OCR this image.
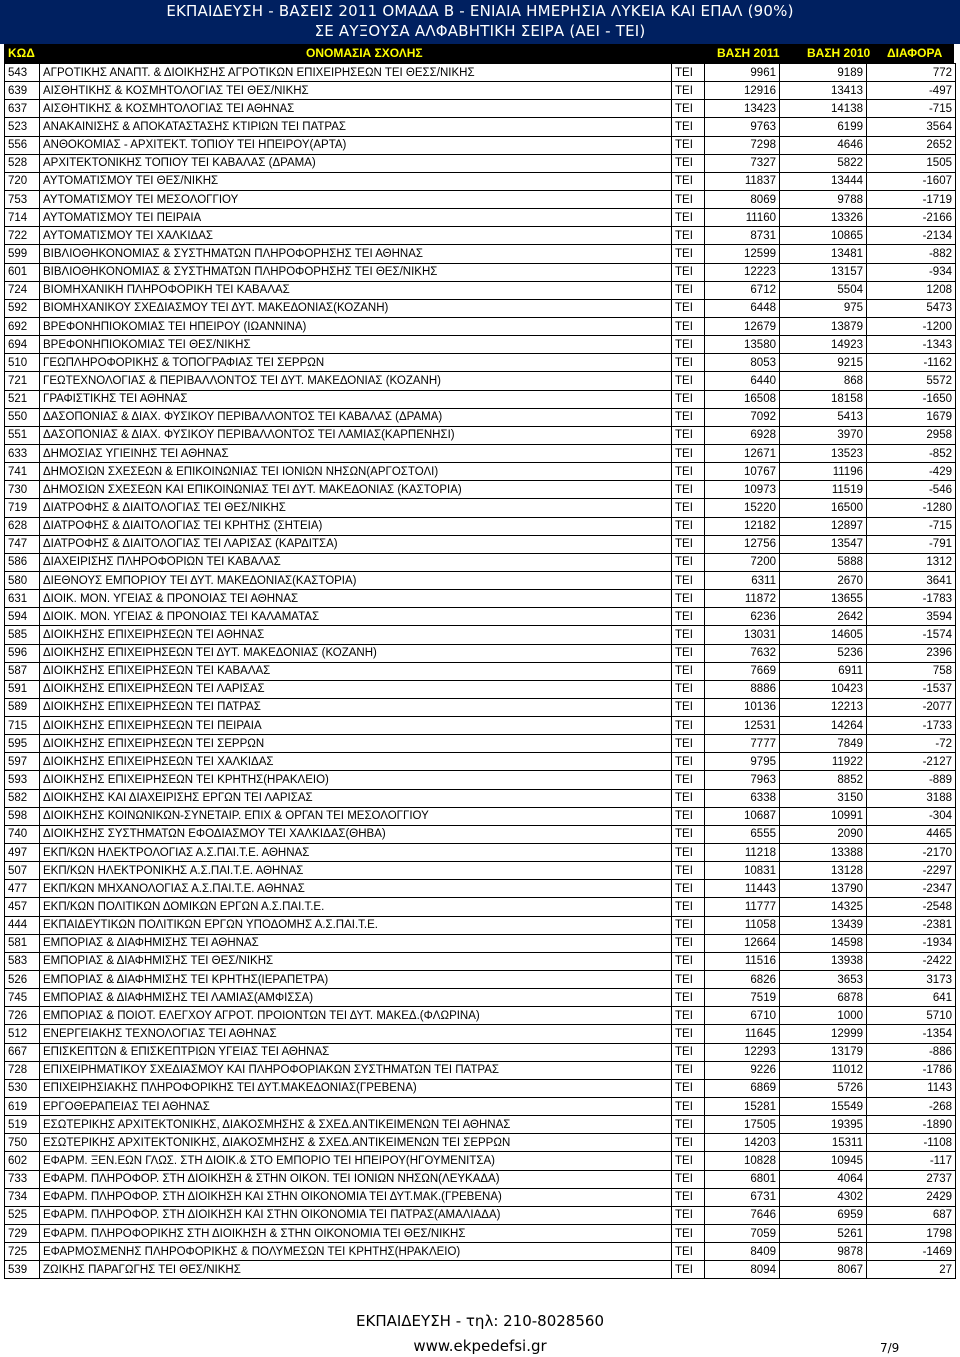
ΕΚΠΑΙΔΕΥΣΗ - ΒΑΣΕΙΣ 2011 ΟΜΑΔΑ Β - ΕΝΙΑΙΑ ΗΜΕΡΗΣΙΑ ΛΥΚΕΙΑ ΚΑΙ ΕΠΑΛ (90%)
ΣΕ ΑΥΞΟΥΣΑ ΑΛΦΑΒΗΤΙΚΗ ΣΕΙΡΑ (ΑΕΙ - ΤΕΙ)
ΚΩΔ	ΟΝΟΜΑΣΙΑ ΣΧΟΛΗΣ	ΒΑΣΗ 2011 ΒΑΣΗ 2010 ΔΙΑΦΟΡΑ
543	ΑΓΡΟΤΙΚΗΣ ΑΝΑΠΤ. & ΔΙΟΙΚΗΣΗΣ ΑΓΡΟΤΙΚΩΝ ΕΠΙΧΕΙΡΗΣΕΩΝ ΤΕΙ ΘΕΣΣ/ΝΙΚΗΣ	ΤΕΙ	9961	9189	772
639	ΑΙΣΘΗΤΙΚΗΣ & ΚΟΣΜΗΤΟΛΟΓΙΑΣ ΤΕΙ ΘΕΣ/ΝΙΚΗΣ	ΤΕΙ	12916	13413	-497
637	ΑΙΣΘΗΤΙΚΗΣ & ΚΟΣΜΗΤΟΛΟΓΙΑΣ ΤΕΙ ΑΘΗΝΑΣ	ΤΕΙ	13423	14138	-715
523	ΑΝΑΚΑΙΝΙΣΗΣ & ΑΠΟΚΑΤΑΣΤΑΣΗΣ ΚΤΙΡΙΩΝ ΤΕΙ ΠΑΤΡΑΣ	ΤΕΙ	9763	6199	3564
556	ΑΝΘΟΚΟΜΙΑΣ - ΑΡΧΙΤΕΚΤ. ΤΟΠΙΟΥ ΤΕΙ ΗΠΕΙΡΟΥ(ΑΡΤΑ)	ΤΕΙ	7298	4646	2652
528	ΑΡΧΙΤΕΚΤΟΝΙΚΗΣ ΤΟΠΙΟΥ ΤΕΙ ΚΑΒΑΛΑΣ (ΔΡΑΜΑ)	ΤΕΙ	7327	5822	1505
720	ΑΥΤΟΜΑΤΙΣΜΟΥ ΤΕΙ ΘΕΣ/ΝΙΚΗΣ	ΤΕΙ	11837	13444	-1607
753	ΑΥΤΟΜΑΤΙΣΜΟΥ ΤΕΙ ΜΕΣΟΛΟΓΓΙΟΥ	ΤΕΙ	8069	9788	-1719
714	ΑΥΤΟΜΑΤΙΣΜΟΥ ΤΕΙ ΠΕΙΡΑΙΑ	ΤΕΙ	11160	13326	-2166
722	ΑΥΤΟΜΑΤΙΣΜΟΥ ΤΕΙ ΧΑΛΚΙΔΑΣ	ΤΕΙ	8731	10865	-2134
599	ΒΙΒΛΙΟΘΗΚΟΝΟΜΙΑΣ & ΣΥΣΤΗΜΑΤΩΝ ΠΛΗΡΟΦΟΡΗΣΗΣ ΤΕΙ ΑΘΗΝΑΣ	ΤΕΙ	12599	13481	-882
601	ΒΙΒΛΙΟΘΗΚΟΝΟΜΙΑΣ & ΣΥΣΤΗΜΑΤΩΝ ΠΛΗΡΟΦΟΡΗΣΗΣ ΤΕΙ ΘΕΣ/ΝΙΚΗΣ	ΤΕΙ	12223	13157	-934
724	ΒΙΟΜΗΧΑΝΙΚΗ ΠΛΗΡΟΦΟΡΙΚΗ ΤΕΙ ΚΑΒΑΛΑΣ	ΤΕΙ	6712	5504	1208
592	ΒΙΟΜΗΧΑΝΙΚΟΥ ΣΧΕΔΙΑΣΜΟΥ ΤΕΙ ΔΥΤ. ΜΑΚΕΔΟΝΙΑΣ(ΚΟΖΑΝΗ)	ΤΕΙ	6448	975	5473
692	ΒΡΕΦΟΝΗΠΙΟΚΟΜΙΑΣ ΤΕΙ ΗΠΕΙΡΟΥ (ΙΩΑΝΝΙΝΑ)	ΤΕΙ	12679	13879	-1200
694	ΒΡΕΦΟΝΗΠΙΟΚΟΜΙΑΣ ΤΕΙ ΘΕΣ/ΝΙΚΗΣ	ΤΕΙ	13580	14923	-1343
510	ΓΕΩΠΛΗΡΟΦΟΡΙΚΗΣ & ΤΟΠΟΓΡΑΦΙΑΣ ΤΕΙ ΣΕΡΡΩΝ	ΤΕΙ	8053	9215	-1162
721	ΓΕΩΤΕΧΝΟΛΟΓΙΑΣ & ΠΕΡΙΒΑΛΛΟΝΤΟΣ ΤΕΙ ΔΥΤ. ΜΑΚΕΔΟΝΙΑΣ (ΚΟΖΑΝΗ)	ΤΕΙ	6440	868	5572
521	ΓΡΑΦΙΣΤΙΚΗΣ ΤΕΙ ΑΘΗΝΑΣ	ΤΕΙ	16508	18158	-1650
550	ΔΑΣΟΠΟΝΙΑΣ & ΔΙΑΧ. ΦΥΣΙΚΟΥ ΠΕΡΙΒΑΛΛΟΝΤΟΣ ΤΕΙ ΚΑΒΑΛΑΣ (ΔΡΑΜΑ)	ΤΕΙ	7092	5413	1679
551	ΔΑΣΟΠΟΝΙΑΣ & ΔΙΑΧ. ΦΥΣΙΚΟΥ ΠΕΡΙΒΑΛΛΟΝΤΟΣ ΤΕΙ ΛΑΜΙΑΣ(ΚΑΡΠΕΝΗΣΙ)	ΤΕΙ	6928	3970	2958
633	ΔΗΜΟΣΙΑΣ ΥΓΙΕΙΝΗΣ ΤΕΙ ΑΘΗΝΑΣ	ΤΕΙ	12671	13523	-852
741	ΔΗΜΟΣΙΩΝ ΣΧΕΣΕΩΝ & ΕΠΙΚΟΙΝΩΝΙΑΣ ΤΕΙ ΙΟΝΙΩΝ ΝΗΣΩΝ(ΑΡΓΟΣΤΟΛΙ)	ΤΕΙ	10767	11196	-429
730	ΔΗΜΟΣΙΩΝ ΣΧΕΣΕΩΝ ΚΑΙ ΕΠΙΚΟΙΝΩΝΙΑΣ ΤΕΙ ΔΥΤ. ΜΑΚΕΔΟΝΙΑΣ (ΚΑΣΤΟΡΙΑ)	ΤΕΙ	10973	11519	-546
719	ΔΙΑΤΡΟΦΗΣ & ΔΙΑΙΤΟΛΟΓΙΑΣ ΤΕΙ ΘΕΣ/ΝΙΚΗΣ	ΤΕΙ	15220	16500	-1280
628	ΔΙΑΤΡΟΦΗΣ & ΔΙΑΙΤΟΛΟΓΙΑΣ ΤΕΙ ΚΡΗΤΗΣ (ΣΗΤΕΙΑ)	ΤΕΙ	12182	12897	-715
747	ΔΙΑΤΡΟΦΗΣ & ΔΙΑΙΤΟΛΟΓΙΑΣ ΤΕΙ ΛΑΡΙΣΑΣ (ΚΑΡΔΙΤΣΑ)	ΤΕΙ	12756	13547	-791
586	ΔΙΑΧΕΙΡΙΣΗΣ ΠΛΗΡΟΦΟΡΙΩΝ ΤΕΙ ΚΑΒΑΛΑΣ	ΤΕΙ	7200	5888	1312
580	ΔΙΕΘΝΟΥΣ ΕΜΠΟΡΙΟΥ ΤΕΙ ΔΥΤ. ΜΑΚΕΔΟΝΙΑΣ(ΚΑΣΤΟΡΙΑ)	ΤΕΙ	6311	2670	3641
631	ΔΙΟΙΚ. ΜΟΝ. ΥΓΕΙΑΣ & ΠΡΟΝΟΙΑΣ ΤΕΙ ΑΘΗΝΑΣ	ΤΕΙ	11872	13655	-1783
594	ΔΙΟΙΚ. ΜΟΝ. ΥΓΕΙΑΣ & ΠΡΟΝΟΙΑΣ ΤΕΙ ΚΑΛΑΜΑΤΑΣ	ΤΕΙ	6236	2642	3594
585	ΔΙΟΙΚΗΣΗΣ ΕΠΙΧΕΙΡΗΣΕΩΝ ΤΕΙ ΑΘΗΝΑΣ	ΤΕΙ	13031	14605	-1574
596	ΔΙΟΙΚΗΣΗΣ ΕΠΙΧΕΙΡΗΣΕΩΝ ΤΕΙ ΔΥΤ. ΜΑΚΕΔΟΝΙΑΣ (ΚΟΖΑΝΗ)	ΤΕΙ	7632	5236	2396
587	ΔΙΟΙΚΗΣΗΣ ΕΠΙΧΕΙΡΗΣΕΩΝ ΤΕΙ ΚΑΒΑΛΑΣ	ΤΕΙ	7669	6911	758
591	ΔΙΟΙΚΗΣΗΣ ΕΠΙΧΕΙΡΗΣΕΩΝ ΤΕΙ ΛΑΡΙΣΑΣ	ΤΕΙ	8886	10423	-1537
589	ΔΙΟΙΚΗΣΗΣ ΕΠΙΧΕΙΡΗΣΕΩΝ ΤΕΙ ΠΑΤΡΑΣ	ΤΕΙ	10136	12213	-2077
715	ΔΙΟΙΚΗΣΗΣ ΕΠΙΧΕΙΡΗΣΕΩΝ ΤΕΙ ΠΕΙΡΑΙΑ	ΤΕΙ	12531	14264	-1733
595	ΔΙΟΙΚΗΣΗΣ ΕΠΙΧΕΙΡΗΣΕΩΝ ΤΕΙ ΣΕΡΡΩΝ	ΤΕΙ	7777	7849	-72
597	ΔΙΟΙΚΗΣΗΣ ΕΠΙΧΕΙΡΗΣΕΩΝ ΤΕΙ ΧΑΛΚΙΔΑΣ	ΤΕΙ	9795	11922	-2127
593	ΔΙΟΙΚΗΣΗΣ ΕΠΙΧΕΙΡΗΣΕΩΝ ΤΕΙ ΚΡΗΤΗΣ(ΗΡΑΚΛΕΙΟ)	ΤΕΙ	7963	8852	-889
582	ΔΙΟΙΚΗΣΗΣ ΚΑΙ ΔΙΑΧΕΙΡΙΣΗΣ ΕΡΓΩΝ ΤΕΙ ΛΑΡΙΣΑΣ	ΤΕΙ	6338	3150	3188
598	ΔΙΟΙΚΗΣΗΣ ΚΟΙΝΩΝΙΚΩΝ-ΣΥΝΕΤΑΙΡ. ΕΠΙΧ & ΟΡΓΑΝ ΤΕΙ ΜΕΣΟΛΟΓΓΙΟΥ	ΤΕΙ	10687	10991	-304
740	ΔΙΟΙΚΗΣΗΣ ΣΥΣΤΗΜΑΤΩΝ ΕΦΟΔΙΑΣΜΟΥ ΤΕΙ ΧΑΛΚΙΔΑΣ(ΘΗΒΑ)	ΤΕΙ	6555	2090	4465
497	ΕΚΠ/ΚΩΝ ΗΛΕΚΤΡΟΛΟΓΙΑΣ Α.Σ.ΠΑΙ.Τ.Ε. ΑΘΗΝΑΣ	ΤΕΙ	11218	13388	-2170
507	ΕΚΠ/ΚΩΝ ΗΛΕΚΤΡΟΝΙΚΗΣ Α.Σ.ΠΑΙ.Τ.Ε. ΑΘΗΝΑΣ	ΤΕΙ	10831	13128	-2297
477	ΕΚΠ/ΚΩΝ ΜΗΧΑΝΟΛΟΓΙΑΣ Α.Σ.ΠΑΙ.Τ.Ε. ΑΘΗΝΑΣ	ΤΕΙ	11443	13790	-2347
457	ΕΚΠ/ΚΩΝ ΠΟΛΙΤΙΚΩΝ ΔΟΜΙΚΩΝ ΕΡΓΩΝ Α.Σ.ΠΑΙ.Τ.Ε.	ΤΕΙ	11777	14325	-2548
444	ΕΚΠΑΙΔΕΥΤΙΚΩΝ ΠΟΛΙΤΙΚΩΝ ΕΡΓΩΝ ΥΠΟΔΟΜΗΣ Α.Σ.ΠΑΙ.Τ.Ε.	ΤΕΙ	11058	13439	-2381
581	ΕΜΠΟΡΙΑΣ & ΔΙΑΦΗΜΙΣΗΣ ΤΕΙ ΑΘΗΝΑΣ	ΤΕΙ	12664	14598	-1934
583	ΕΜΠΟΡΙΑΣ & ΔΙΑΦΗΜΙΣΗΣ ΤΕΙ ΘΕΣ/ΝΙΚΗΣ	ΤΕΙ	11516	13938	-2422
526	ΕΜΠΟΡΙΑΣ & ΔΙΑΦΗΜΙΣΗΣ ΤΕΙ ΚΡΗΤΗΣ(ΙΕΡΑΠΕΤΡΑ)	ΤΕΙ	6826	3653	3173
745	ΕΜΠΟΡΙΑΣ & ΔΙΑΦΗΜΙΣΗΣ ΤΕΙ ΛΑΜΙΑΣ(ΑΜΦΙΣΣΑ)	ΤΕΙ	7519	6878	641
726	ΕΜΠΟΡΙΑΣ & ΠΟΙΟΤ. ΕΛΕΓΧΟΥ ΑΓΡΟΤ. ΠΡΟΙΟΝΤΩΝ ΤΕΙ ΔΥΤ. ΜΑΚΕΔ.(ΦΛΩΡΙΝΑ)	ΤΕΙ	6710	1000	5710
512	ΕΝΕΡΓΕΙΑΚΗΣ ΤΕΧΝΟΛΟΓΙΑΣ ΤΕΙ ΑΘΗΝΑΣ	ΤΕΙ	11645	12999	-1354
667	ΕΠΙΣΚΕΠΤΩΝ & ΕΠΙΣΚΕΠΤΡΙΩΝ ΥΓΕΙΑΣ ΤΕΙ ΑΘΗΝΑΣ	ΤΕΙ	12293	13179	-886
728	ΕΠΙΧΕΙΡΗΜΑΤΙΚΟΥ ΣΧΕΔΙΑΣΜΟΥ ΚΑΙ ΠΛΗΡΟΦΟΡΙΑΚΩΝ ΣΥΣΤΗΜΑΤΩΝ ΤΕΙ ΠΑΤΡΑΣ	ΤΕΙ	9226	11012	-1786
530	ΕΠΙΧΕΙΡΗΣΙΑΚΗΣ ΠΛΗΡΟΦΟΡΙΚΗΣ ΤΕΙ ΔΥΤ.ΜΑΚΕΔΟΝΙΑΣ(ΓΡΕΒΕΝΑ)	ΤΕΙ	6869	5726	1143
619	ΕΡΓΟΘΕΡΑΠΕΙΑΣ ΤΕΙ ΑΘΗΝΑΣ	ΤΕΙ	15281	15549	-268
519	ΕΣΩΤΕΡΙΚΗΣ ΑΡΧΙΤΕΚΤΟΝΙΚΗΣ, ΔΙΑΚΟΣΜΗΣΗΣ & ΣΧΕΔ.ΑΝΤΙΚΕΙΜΕΝΩΝ ΤΕΙ ΑΘΗΝΑΣ	ΤΕΙ	17505	19395	-1890
750	ΕΣΩΤΕΡΙΚΗΣ ΑΡΧΙΤΕΚΤΟΝΙΚΗΣ, ΔΙΑΚΟΣΜΗΣΗΣ & ΣΧΕΔ.ΑΝΤΙΚΕΙΜΕΝΩΝ ΤΕΙ ΣΕΡΡΩΝ	ΤΕΙ	14203	15311	-1108
602	ΕΦΑΡΜ. ΞΕΝ.ΕΩΝ ΓΛΩΣ. ΣΤΗ ΔΙΟΙΚ.& ΣΤΟ ΕΜΠΟΡΙΟ ΤΕΙ ΗΠΕΙΡΟΥ(ΗΓΟΥΜΕΝΙΤΣΑ)	ΤΕΙ	10828	10945	-117
733	ΕΦΑΡΜ. ΠΛΗΡΟΦΟΡ. ΣΤΗ ΔΙΟΙΚΗΣΗ & ΣΤΗΝ ΟΙΚΟΝ. ΤΕΙ ΙΟΝΙΩΝ ΝΗΣΩΝ(ΛΕΥΚΑΔΑ)	ΤΕΙ	6801	4064	2737
734	ΕΦΑΡΜ. ΠΛΗΡΟΦΟΡ. ΣΤΗ ΔΙΟΙΚΗΣΗ ΚΑΙ ΣΤΗΝ ΟΙΚΟΝΟΜΙΑ ΤΕΙ ΔΥΤ.ΜΑΚ.(ΓΡΕΒΕΝΑ)	ΤΕΙ	6731	4302	2429
525	ΕΦΑΡΜ. ΠΛΗΡΟΦΟΡ. ΣΤΗ ΔΙΟΙΚΗΣΗ ΚΑΙ ΣΤΗΝ ΟΙΚΟΝΟΜΙΑ ΤΕΙ ΠΑΤΡΑΣ(ΑΜΑΛΙΑΔΑ)	ΤΕΙ	7646	6959	687
729	ΕΦΑΡΜ. ΠΛΗΡΟΦΟΡΙΚΗΣ ΣΤΗ ΔΙΟΙΚΗΣΗ & ΣΤΗΝ ΟΙΚΟΝΟΜΙΑ ΤΕΙ ΘΕΣ/ΝΙΚΗΣ	ΤΕΙ	7059	5261	1798
725	ΕΦΑΡΜΟΣΜΕΝΗΣ ΠΛΗΡΟΦΟΡΙΚΗΣ & ΠΟΛΥΜΕΣΩΝ ΤΕΙ ΚΡΗΤΗΣ(ΗΡΑΚΛΕΙΟ)	ΤΕΙ	8409	9878	-1469
539	ΖΩΙΚΗΣ ΠΑΡΑΓΩΓΗΣ ΤΕΙ ΘΕΣ/ΝΙΚΗΣ	ΤΕΙ	8094	8067	27
ΕΚΠΑΙΔΕΥΣΗ - τηλ: 210-8028560
www.ekpedefsi.gr	7/9
